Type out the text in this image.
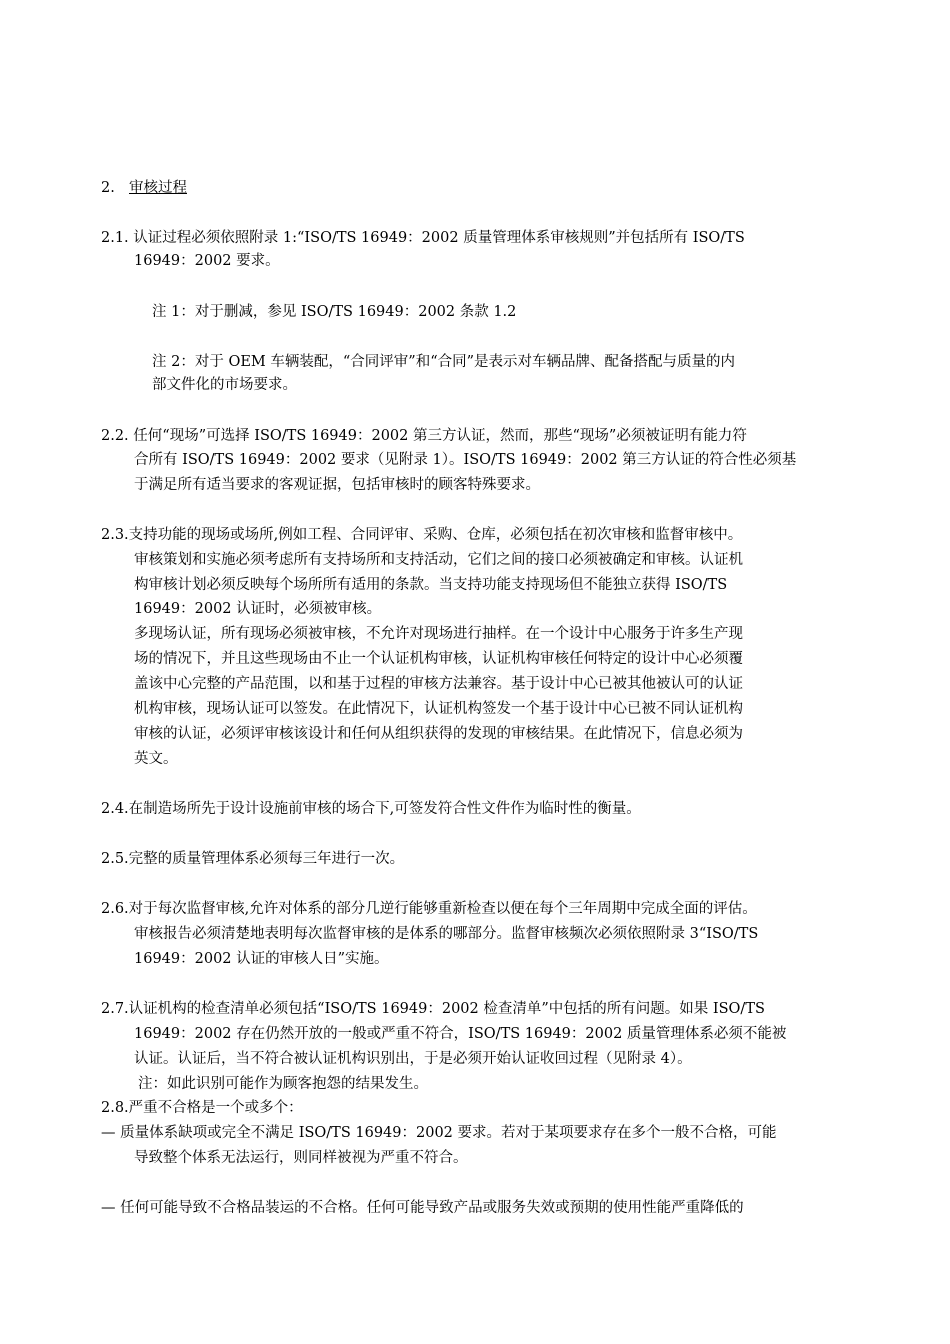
2. 审核过程
2.1. 认证过程必须依照附录 1:“ISO/TS 16949：2002 质量管理体系审核规则”并包括所有 ISO/TS
16949：2002 要求。
注 1：对于删减，参见 ISO/TS 16949：2002 条款 1.2
注 2：对于 OEM 车辆装配，“合同评审”和“合同”是表示对车辆品牌、配备搭配与质量的内
部文件化的市场要求。
2.2. 任何“现场”可选择 ISO/TS 16949：2002 第三方认证，然而，那些“现场”必须被证明有能力符
合所有 ISO/TS 16949：2002 要求（见附录 1）。ISO/TS 16949：2002 第三方认证的符合性必须基
于满足所有适当要求的客观证据，包括审核时的顾客特殊要求。
2.3.支持功能的现场或场所,例如工程、合同评审、采购、仓库，必须包括在初次审核和监督审核中。
审核策划和实施必须考虑所有支持场所和支持活动，它们之间的接口必须被确定和审核。认证机
构审核计划必须反映每个场所所有适用的条款。当支持功能支持现场但不能独立获得 ISO/TS
16949：2002 认证时，必须被审核。
多现场认证，所有现场必须被审核，不允许对现场进行抽样。在一个设计中心服务于许多生产现
场的情况下，并且这些现场由不止一个认证机构审核，认证机构审核任何特定的设计中心必须覆
盖该中心完整的产品范围，以和基于过程的审核方法兼容。基于设计中心已被其他被认可的认证
机构审核，现场认证可以签发。在此情况下，认证机构签发一个基于设计中心已被不同认证机构
审核的认证，必须评审核该设计和任何从组织获得的发现的审核结果。在此情况下，信息必须为
英文。
2.4.在制造场所先于设计设施前审核的场合下,可签发符合性文件作为临时性的衡量。
2.5.完整的质量管理体系必须每三年进行一次。
2.6.对于每次监督审核,允许对体系的部分几逆行能够重新检查以便在每个三年周期中完成全面的评估。
审核报告必须清楚地表明每次监督审核的是体系的哪部分。监督审核频次必须依照附录 3“ISO/TS
16949：2002 认证的审核人日”实施。
2.7.认证机构的检查清单必须包括“ISO/TS 16949：2002 检查清单”中包括的所有问题。如果 ISO/TS
16949：2002 存在仍然开放的一般或严重不符合，ISO/TS 16949：2002 质量管理体系必须不能被
认证。认证后，当不符合被认证机构识别出，于是必须开始认证收回过程（见附录 4）。
注：如此识别可能作为顾客抱怨的结果发生。
2.8.严重不合格是一个或多个：
— 质量体系缺项或完全不满足 ISO/TS 16949：2002 要求。若对于某项要求存在多个一般不合格，可能
导致整个体系无法运行，则同样被视为严重不符合。
— 任何可能导致不合格品装运的不合格。任何可能导致产品或服务失效或预期的使用性能严重降低的
